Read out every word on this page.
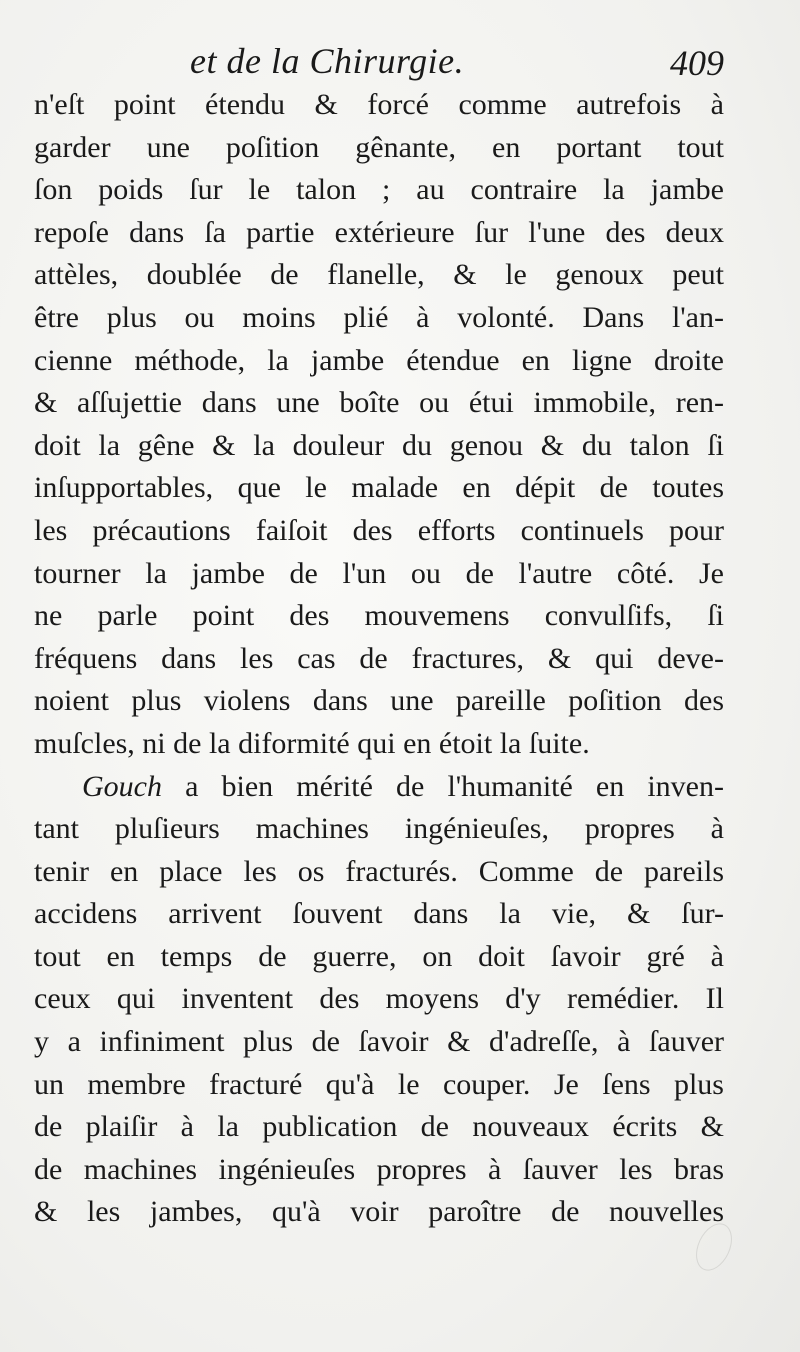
et de la Chirurgie.	409
n'eſt point étendu & forcé comme autrefois à
garder une poſition gênante, en portant tout
ſon poids ſur le talon ; au contraire la jambe
repoſe dans ſa partie extérieure ſur l'une des deux
attèles, doublée de flanelle, & le genoux peut
être plus ou moins plié à volonté. Dans l'an-
cienne méthode, la jambe étendue en ligne droite
& aſſujettie dans une boîte ou étui immobile, ren-
doit la gêne & la douleur du genou & du talon ſi
inſupportables, que le malade en dépit de toutes
les précautions faiſoit des efforts continuels pour
tourner la jambe de l'un ou de l'autre côté. Je
ne parle point des mouvemens convulſifs, ſi
fréquens dans les cas de fractures, & qui deve-
noient plus violens dans une pareille poſition des
muſcles, ni de la diformité qui en étoit la ſuite.
Gouch a bien mérité de l'humanité en inven-
tant pluſieurs machines ingénieuſes, propres à
tenir en place les os fracturés. Comme de pareils
accidens arrivent ſouvent dans la vie, & ſur-
tout en temps de guerre, on doit ſavoir gré à
ceux qui inventent des moyens d'y remédier. Il
y a infiniment plus de ſavoir & d'adreſſe, à ſauver
un membre fracturé qu'à le couper. Je ſens plus
de plaiſir à la publication de nouveaux écrits &
de machines ingénieuſes propres à ſauver les bras
& les jambes, qu'à voir paroître de nouvelles
